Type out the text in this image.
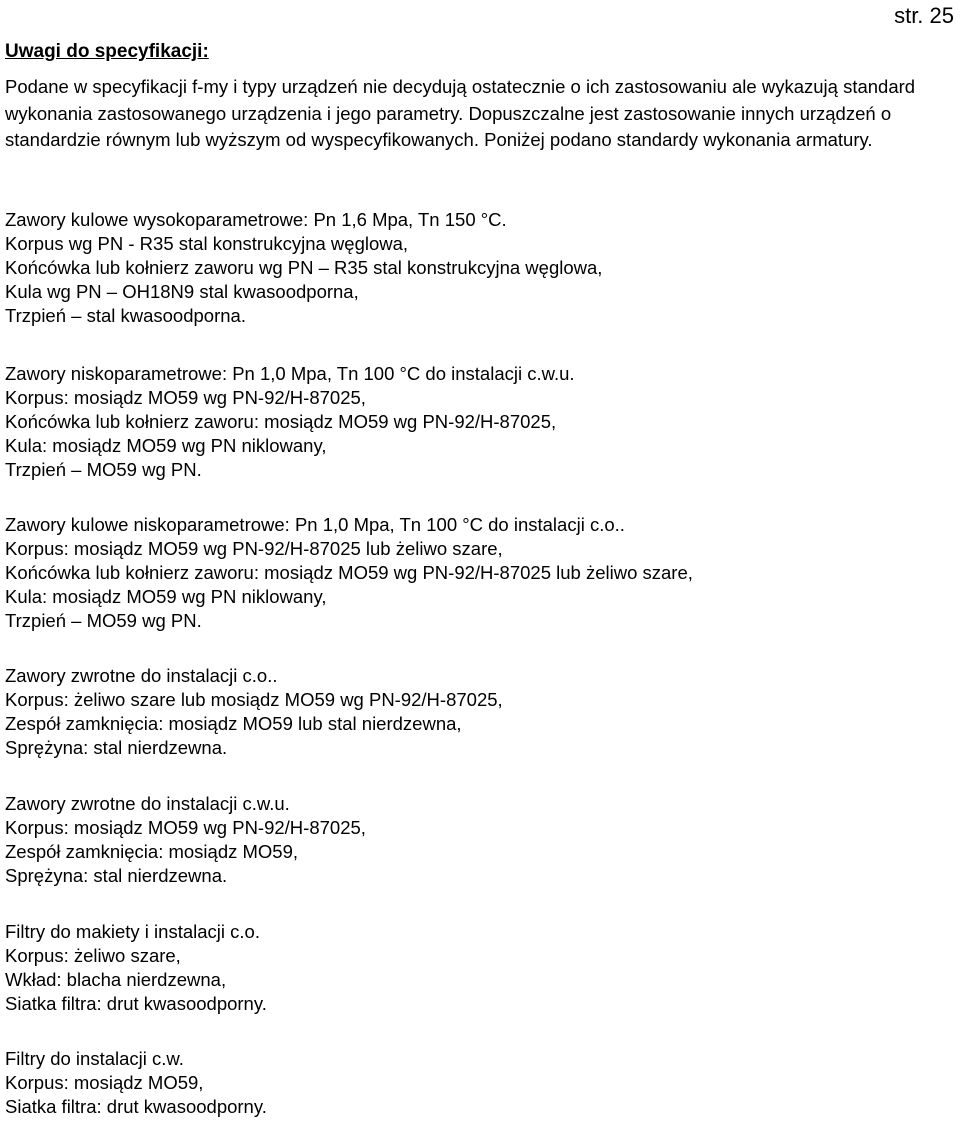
str. 25
Uwagi do specyfikacji:

Podane w specyfikacji f-my i typy urządzeń nie decydują ostatecznie o ich zastosowaniu ale wykazują standard wykonania zastosowanego urządzenia i jego parametry. Dopuszczalne jest zastosowanie innych urządzeń o standardzie równym lub wyższym od wyspecyfikowanych. Poniżej podano standardy wykonania armatury.

Zawory kulowe wysokoparametrowe: Pn 1,6 Mpa, Tn 150 °C.
Korpus wg PN - R35 stal konstrukcyjna węglowa,
Końcówka lub kołnierz zaworu wg PN – R35 stal konstrukcyjna węglowa,
Kula wg PN – OH18N9 stal kwasoodporna,
Trzpień – stal kwasoodporna.
Zawory niskoparametrowe: Pn 1,0 Mpa, Tn 100 °C do instalacji c.w.u.
Korpus: mosiądz MO59 wg PN-92/H-87025,
Końcówka lub kołnierz zaworu: mosiądz MO59 wg PN-92/H-87025,
Kula: mosiądz MO59 wg PN niklowany,
Trzpień – MO59 wg PN.
Zawory kulowe niskoparametrowe: Pn 1,0 Mpa, Tn 100 °C do instalacji c.o..
Korpus: mosiądz MO59 wg PN-92/H-87025 lub żeliwo szare,
Końcówka lub kołnierz zaworu: mosiądz MO59 wg PN-92/H-87025 lub żeliwo szare,
Kula: mosiądz MO59 wg PN niklowany,
Trzpień – MO59 wg PN.
Zawory zwrotne do instalacji c.o..
Korpus: żeliwo szare lub mosiądz MO59 wg PN-92/H-87025,
Zespół zamknięcia: mosiądz MO59 lub stal nierdzewna,
Sprężyna: stal nierdzewna.
Zawory zwrotne do instalacji c.w.u.
Korpus: mosiądz MO59 wg PN-92/H-87025,
Zespół zamknięcia: mosiądz MO59,
Sprężyna: stal nierdzewna.
Filtry do makiety i instalacji c.o.
Korpus: żeliwo szare,
Wkład: blacha nierdzewna,
Siatka filtra: drut kwasoodporny.
Filtry do instalacji c.w.
Korpus: mosiądz MO59,
Siatka filtra: drut kwasoodporny.
